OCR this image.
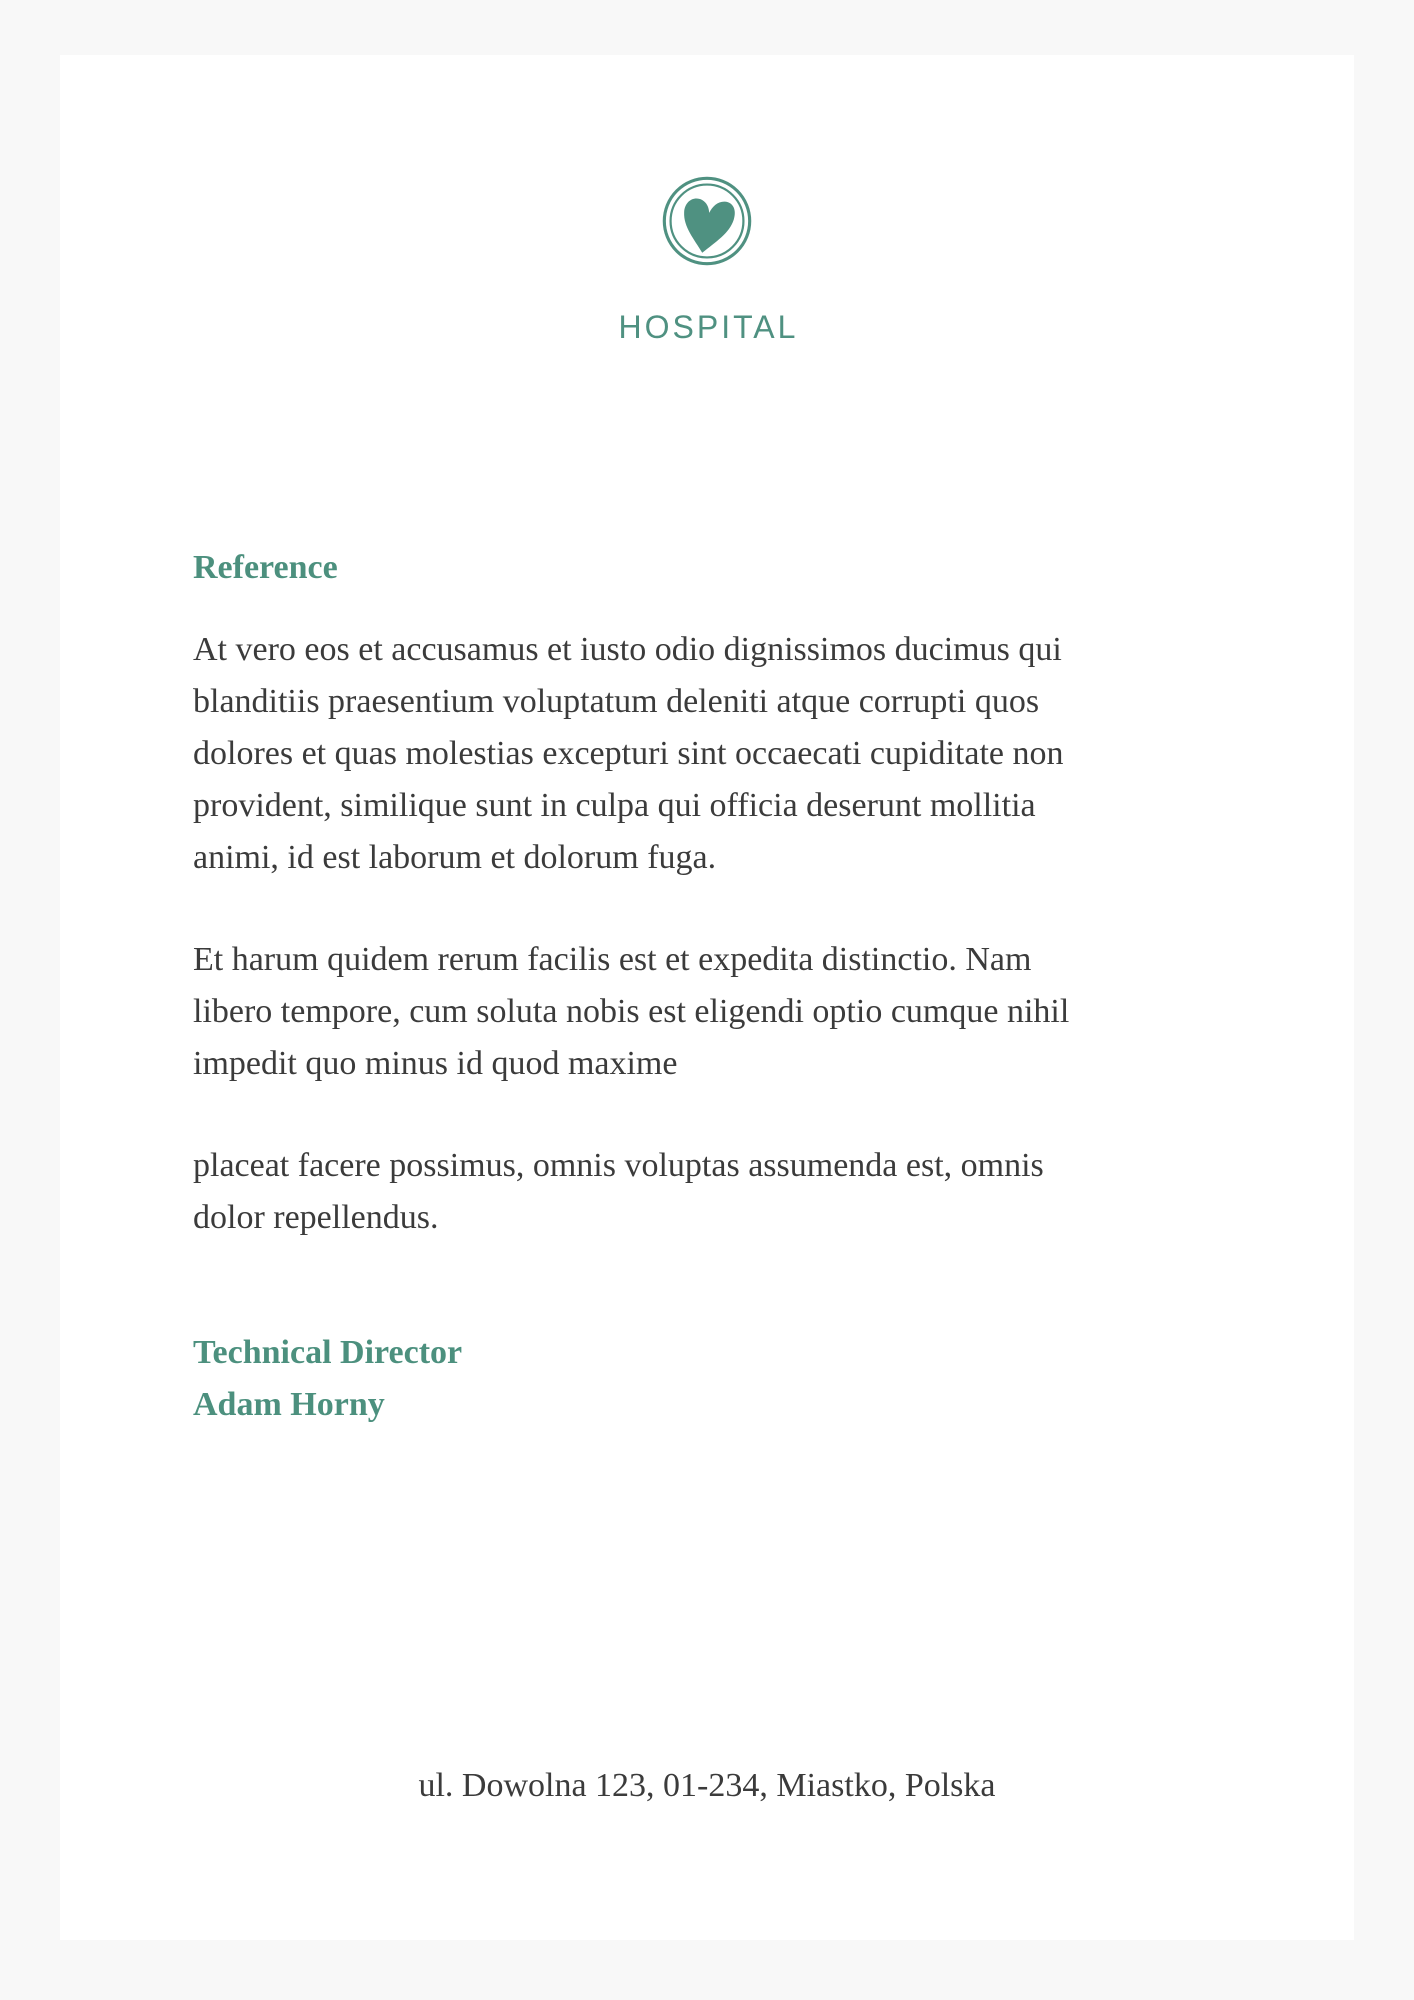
HOSPITAL
Reference
At vero eos et accusamus et iusto odio dignissimos ducimus qui
blanditiis praesentium voluptatum deleniti atque corrupti quos
dolores et quas molestias excepturi sint occaecati cupiditate non
provident, similique sunt in culpa qui officia deserunt mollitia
animi, id est laborum et dolorum fuga.
Et harum quidem rerum facilis est et expedita distinctio. Nam
libero tempore, cum soluta nobis est eligendi optio cumque nihil
impedit quo minus id quod maxime
placeat facere possimus, omnis voluptas assumenda est, omnis
dolor repellendus.
Technical Director
Adam Horny
ul. Dowolna 123, 01-234, Miastko, Polska
